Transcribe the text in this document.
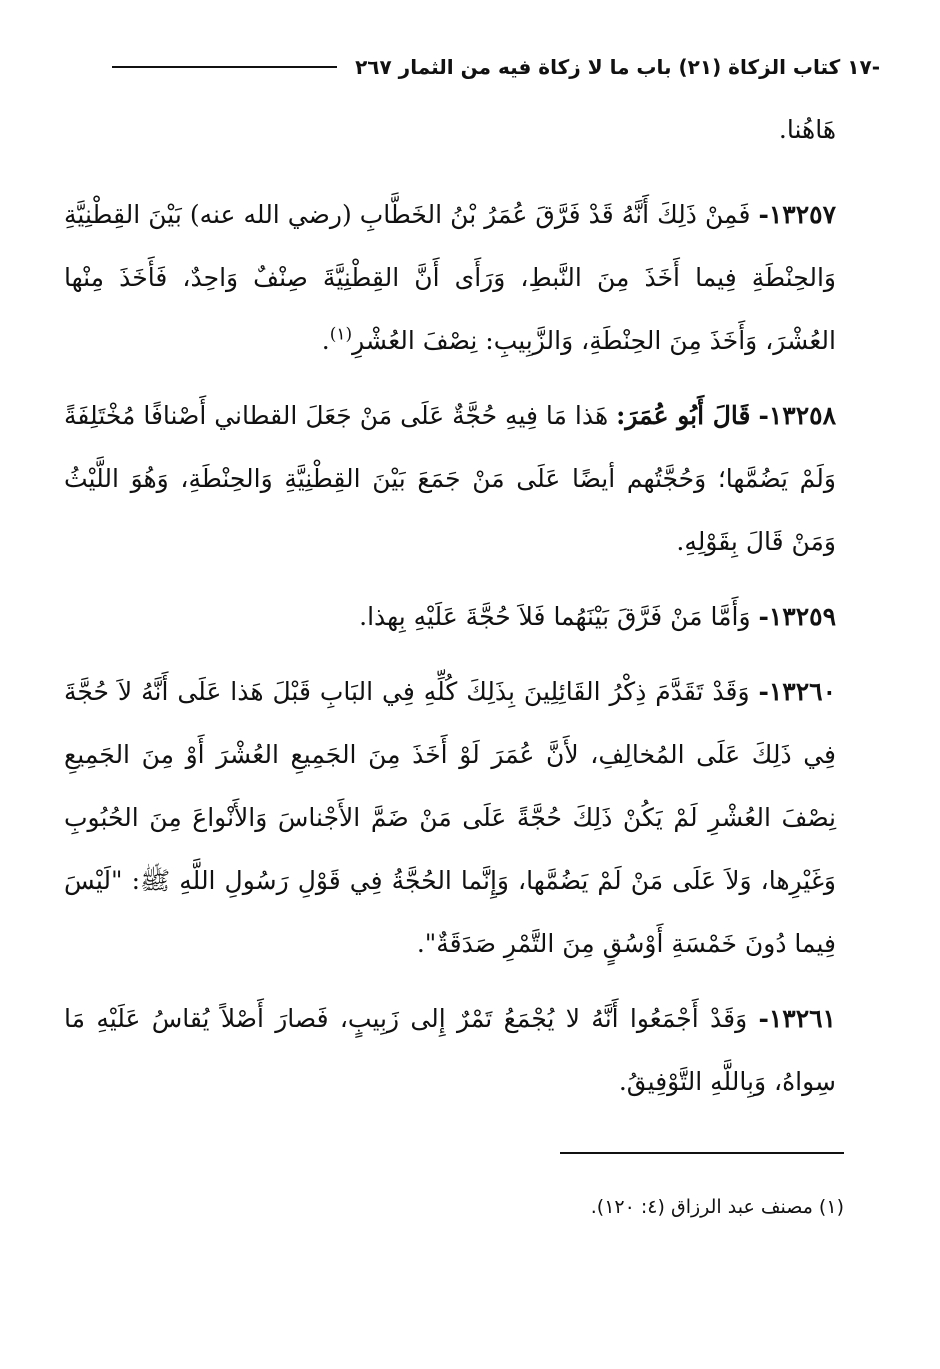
-١٧ كتاب الزكاة (٢١) باب ما لا زكاة فيه من الثمار ٢٦٧

هَاهُنا.

١٣٢٥٧- فَمِنْ ذَلِكَ أَنَّهُ قَدْ فَرَّقَ عُمَرُ بْنُ الخَطَّابِ (رضي الله عنه) بَيْنَ القِطْنِيَّةِ وَالحِنْطَةِ فِيما أَخَذَ مِنَ النَّبطِ، وَرَأَى أَنَّ القِطْنِيَّةَ صِنْفٌ وَاحِدٌ، فَأَخَذَ مِنْها العُشْرَ، وَأَخَذَ مِنَ الحِنْطَةِ، وَالزَّبِيبِ: نِصْفَ العُشْرِ$^{(١)}$.

١٣٢٥٨- قَالَ أَبُو عُمَرَ: هَذا مَا فِيهِ حُجَّةٌ عَلَى مَنْ جَعَلَ القطاني أَصْنافًا مُخْتَلِفَةً وَلَمْ يَضُمَّها؛ وَحُجَّتُهم أيضًا عَلَى مَنْ جَمَعَ بَيْنَ القِطْنِيَّةِ وَالحِنْطَةِ، وَهُوَ اللَّيْثُ وَمَنْ قَالَ بِقَوْلِهِ.

١٣٢٥٩- وَأَمَّا مَنْ فَرَّقَ بَيْنَهُما فَلاَ حُجَّةَ عَلَيْهِ بِهذا.

١٣٢٦٠- وَقَدْ تَقَدَّمَ ذِكْرُ القَائِلِينَ بِذَلِكَ كُلِّهِ فِي البَابِ قَبْلَ هَذا عَلَى أَنَّهُ لاَ حُجَّةَ فِي ذَلِكَ عَلَى المُخالِفِ، لأَنَّ عُمَرَ لَوْ أَخَذَ مِنَ الجَمِيعِ العُشْرَ أَوْ مِنَ الجَمِيعِ نِصْفَ العُشْرِ لَمْ يَكُنْ ذَلِكَ حُجَّةً عَلَى مَنْ ضَمَّ الأَجْناسَ وَالأَنْواعَ مِنَ الحُبُوبِ وَغَيْرِها، وَلاَ عَلَى مَنْ لَمْ يَضُمَّها، وَإِنَّما الحُجَّةُ فِي قَوْلِ رَسُولِ اللَّهِ ﷺ: "لَيْسَ فِيما دُونَ خَمْسَةِ أَوْسُقٍ مِنَ التَّمْرِ صَدَقَةٌ".

١٣٢٦١- وَقَدْ أَجْمَعُوا أَنَّهُ لا يُجْمَعُ تَمْرٌ إِلى زَبِيبٍ، فَصارَ أَصْلاً يُقاسُ عَلَيْهِ مَا سِواهُ، وَبِاللَّهِ التَّوْفِيقُ.

(١) مصنف عبد الرزاق (٤: ١٢٠).
